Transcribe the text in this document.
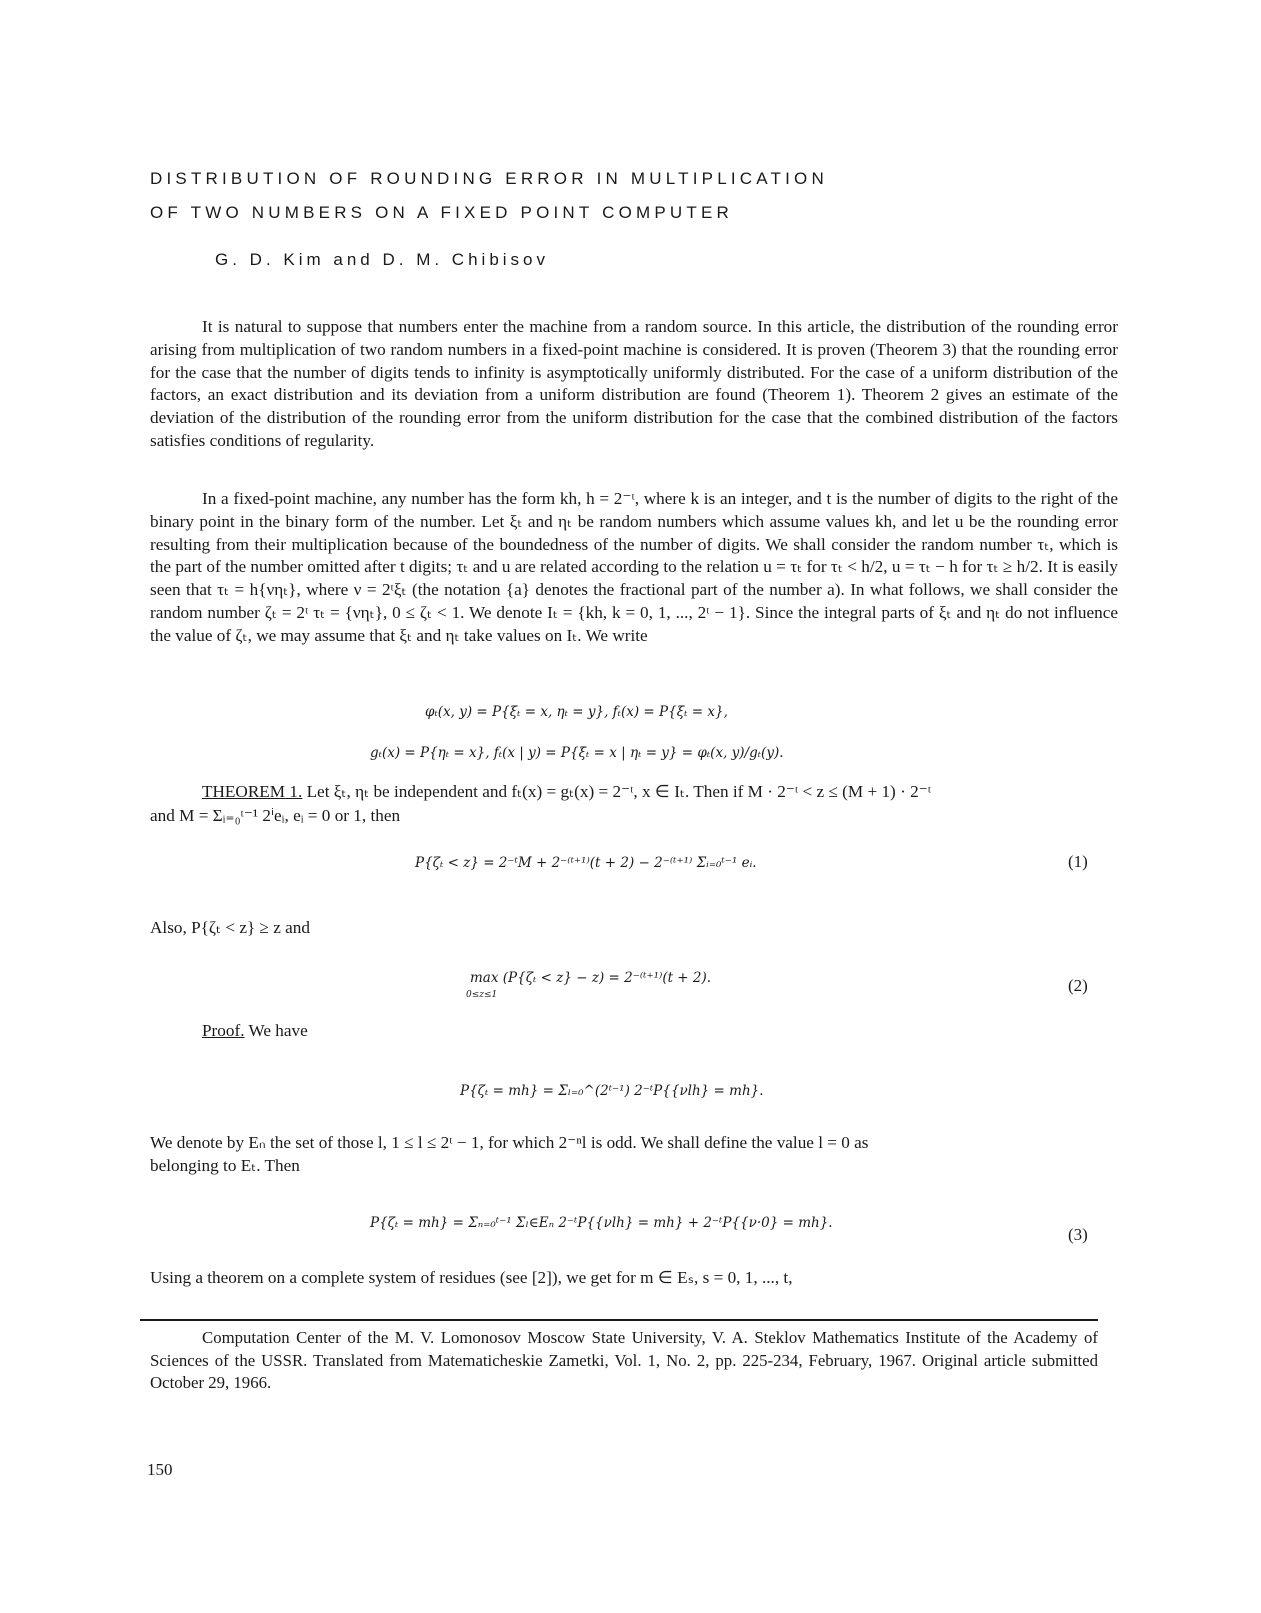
DISTRIBUTION OF ROUNDING ERROR IN MULTIPLICATION
OF TWO NUMBERS ON A FIXED POINT COMPUTER
G. D. Kim and D. M. Chibisov

It is natural to suppose that numbers enter the machine from a random source. In this article, the distribution of the rounding error arising from multiplication of two random numbers in a fixed-point machine is considered. It is proven (Theorem 3) that the rounding error for the case that the number of digits tends to infinity is asymptotically uniformly distributed. For the case of a uniform distribution of the factors, an exact distribution and its deviation from a uniform distribution are found (Theorem 1). Theorem 2 gives an estimate of the deviation of the distribution of the rounding error from the uniform distribution for the case that the combined distribution of the factors satisfies conditions of regularity.

In a fixed-point machine, any number has the form kh, h = 2⁻ᵗ, where k is an integer, and t is the number of digits to the right of the binary point in the binary form of the number. Let ξₜ and ηₜ be random numbers which assume values kh, and let u be the rounding error resulting from their multiplication because of the boundedness of the number of digits. We shall consider the random number τₜ, which is the part of the number omitted after t digits; τₜ and u are related according to the relation u = τₜ for τₜ < h/2, u = τₜ − h for τₜ ≥ h/2. It is easily seen that τₜ = h{νηₜ}, where ν = 2ᵗξₜ (the notation {a} denotes the fractional part of the number a). In what follows, we shall consider the random number ζₜ = 2ᵗ τₜ = {νηₜ}, 0 ≤ ζₜ < 1. We denote Iₜ = {kh, k = 0, 1, ..., 2ᵗ − 1}. Since the integral parts of ξₜ and ηₜ do not influence the value of ζₜ, we may assume that ξₜ and ηₜ take values on Iₜ. We write

φₜ(x, y) = P{ξₜ = x, ηₜ = y}, fₜ(x) = P{ξₜ = x},
gₜ(x) = P{ηₜ = x}, fₜ(x | y) = P{ξₜ = x | ηₜ = y} = φₜ(x, y)/gₜ(y).
THEOREM 1. Let ξₜ, ηₜ be independent and fₜ(x) = gₜ(x) = 2⁻ᵗ, x ∈ Iₜ. Then if M · 2⁻ᵗ < z ≤ (M + 1) · 2⁻ᵗ
and M = Σᵢ₌₀ᵗ⁻¹ 2ⁱeᵢ, eᵢ = 0 or 1, then
P{ζₜ < z} = 2⁻ᵗM + 2⁻⁽ᵗ⁺¹⁾(t + 2) − 2⁻⁽ᵗ⁺¹⁾ Σᵢ₌₀ᵗ⁻¹ eᵢ.	(1)
Also, P{ζₜ < z} ≥ z and
max (P{ζₜ < z} − z) = 2⁻⁽ᵗ⁺¹⁾(t + 2).
0≤z≤1	(2)
Proof. We have
P{ζₜ = mh} = Σₗ₌₀^(2ᵗ⁻¹) 2⁻ᵗP{{νlh} = mh}.
We denote by Eₙ the set of those l, 1 ≤ l ≤ 2ᵗ − 1, for which 2⁻ⁿl is odd. We shall define the value l = 0 as
belonging to Eₜ. Then
P{ζₜ = mh} = Σₙ₌₀ᵗ⁻¹ Σₗ∈Eₙ 2⁻ᵗP{{νlh} = mh} + 2⁻ᵗP{{ν·0} = mh}.
(3)
Using a theorem on a complete system of residues (see [2]), we get for m ∈ Eₛ, s = 0, 1, ..., t,

Computation Center of the M. V. Lomonosov Moscow State University, V. A. Steklov Mathematics Institute of the Academy of Sciences of the USSR. Translated from Matematicheskie Zametki, Vol. 1, No. 2, pp. 225-234, February, 1967. Original article submitted October 29, 1966.

150
